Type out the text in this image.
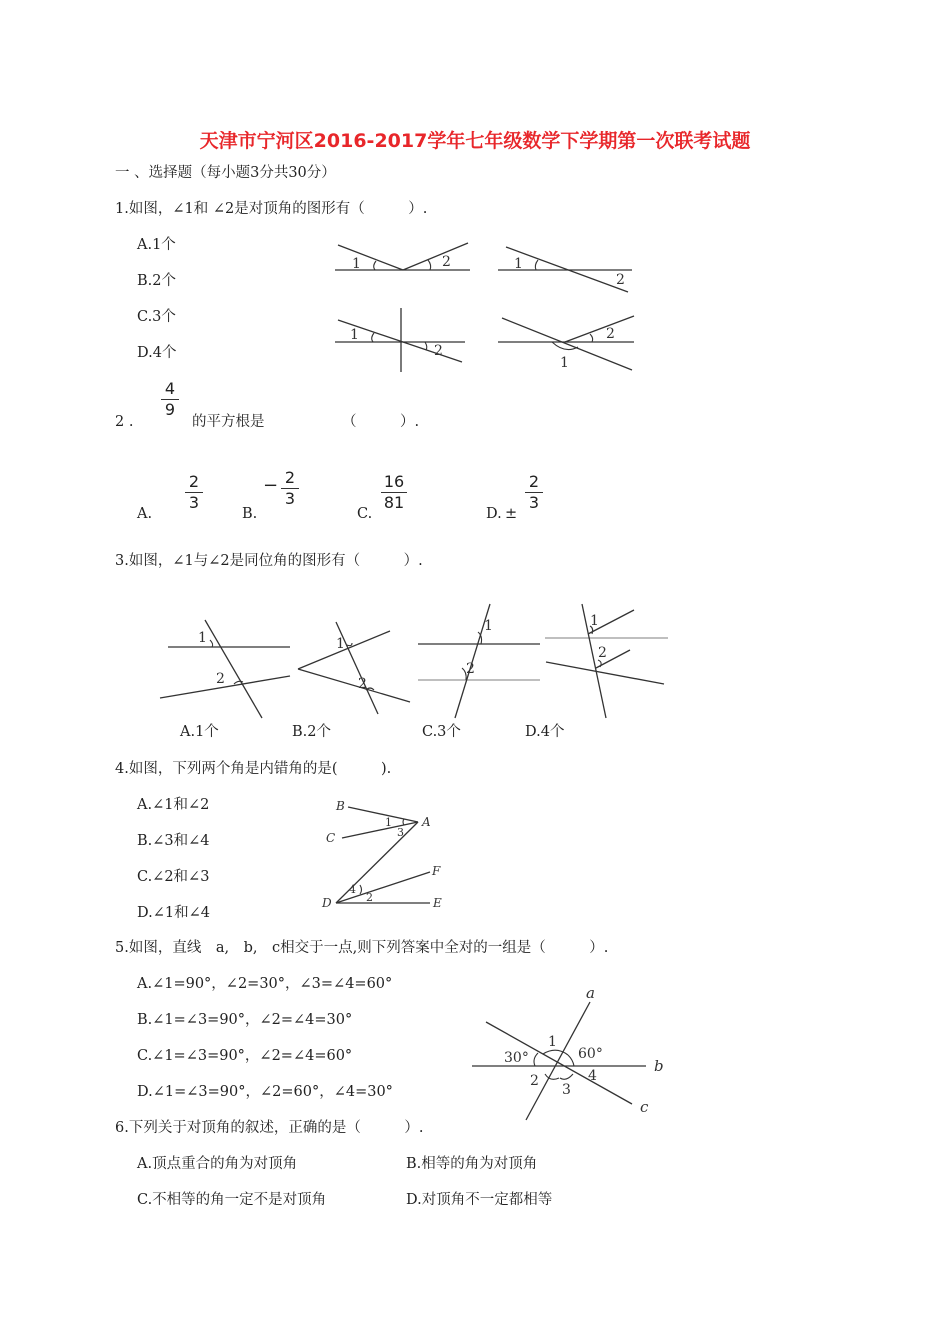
天津市宁河区2016-2017学年七年级数学下学期第一次联考试题
一 、选择题（每小题3分共30分）
1.如图，∠1和 ∠2是对顶角的图形有（　　　）.
A.1个
B.2个
C.3个
D.4个
1	2	1
2
1
2
1
2
2 .
4
9
的平方根是	（　　　）.
A.
2
3
B.
− 2
3
C.
16
81
D. ±
2
3
3.如图，∠1与∠2是同位角的图形有（　　　）.
1
2
1
2
1
2
1
2
A.1个	B.2个	C.3个	D.4个
4.如图，下列两个角是内错角的是(　　　).
A.∠1和∠2
B.∠3和∠4
C.∠2和∠3
D.∠1和∠4
B
C
A
D
F
E
1
2
3
4
5.如图，直线　a,　b,　c相交于一点,则下列答案中全对的一组是（　　　）.
A.∠1=90°，∠2=30°，∠3=∠4=60°
B.∠1=∠3=90°，∠2=∠4=30°
C.∠1=∠3=90°，∠2=∠4=60°
D.∠1=∠3=90°，∠2=60°，∠4=30°
a
b
c
1
2
3
4
30°	60°
6.下列关于对顶角的叙述，正确的是（　　　）.
A.顶点重合的角为对顶角	B.相等的角为对顶角
C.不相等的角一定不是对顶角	D.对顶角不一定都相等
